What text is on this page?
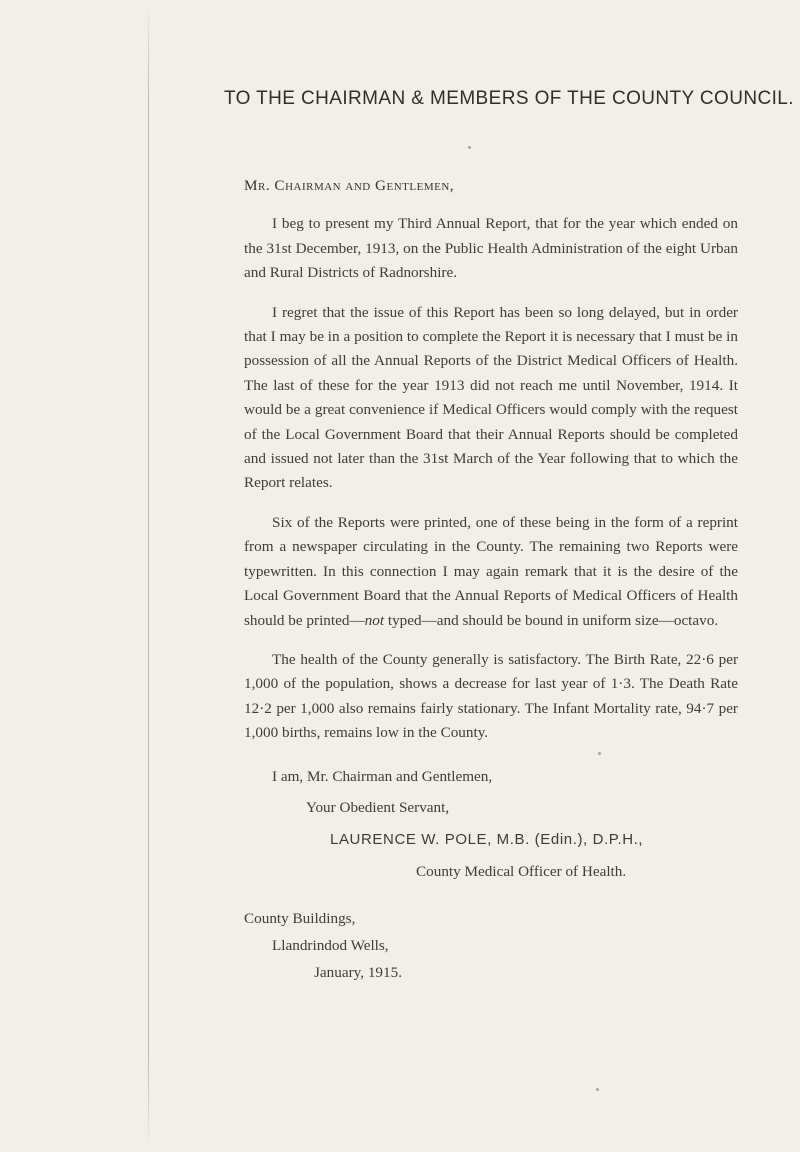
TO THE CHAIRMAN & MEMBERS OF THE COUNTY COUNCIL.
Mr. Chairman and Gentlemen,

I beg to present my Third Annual Report, that for the year which ended on the 31st December, 1913, on the Public Health Administration of the eight Urban and Rural Districts of Radnorshire.

I regret that the issue of this Report has been so long delayed, but in order that I may be in a position to complete the Report it is necessary that I must be in possession of all the Annual Reports of the District Medical Officers of Health. The last of these for the year 1913 did not reach me until November, 1914. It would be a great convenience if Medical Officers would comply with the request of the Local Government Board that their Annual Reports should be completed and issued not later than the 31st March of the Year following that to which the Report relates.

Six of the Reports were printed, one of these being in the form of a reprint from a newspaper circulating in the County. The remaining two Reports were typewritten. In this connection I may again remark that it is the desire of the Local Government Board that the Annual Reports of Medical Officers of Health should be printed—not typed—and should be bound in uniform size—octavo.

The health of the County generally is satisfactory. The Birth Rate, 22·6 per 1,000 of the population, shows a decrease for last year of 1·3. The Death Rate 12·2 per 1,000 also remains fairly stationary. The Infant Mortality rate, 94·7 per 1,000 births, remains low in the County.

I am, Mr. Chairman and Gentlemen,
Your Obedient Servant,
LAURENCE W. POLE, M.B. (Edin.), D.P.H.,
County Medical Officer of Health.
County Buildings,
Llandrindod Wells,
January, 1915.
